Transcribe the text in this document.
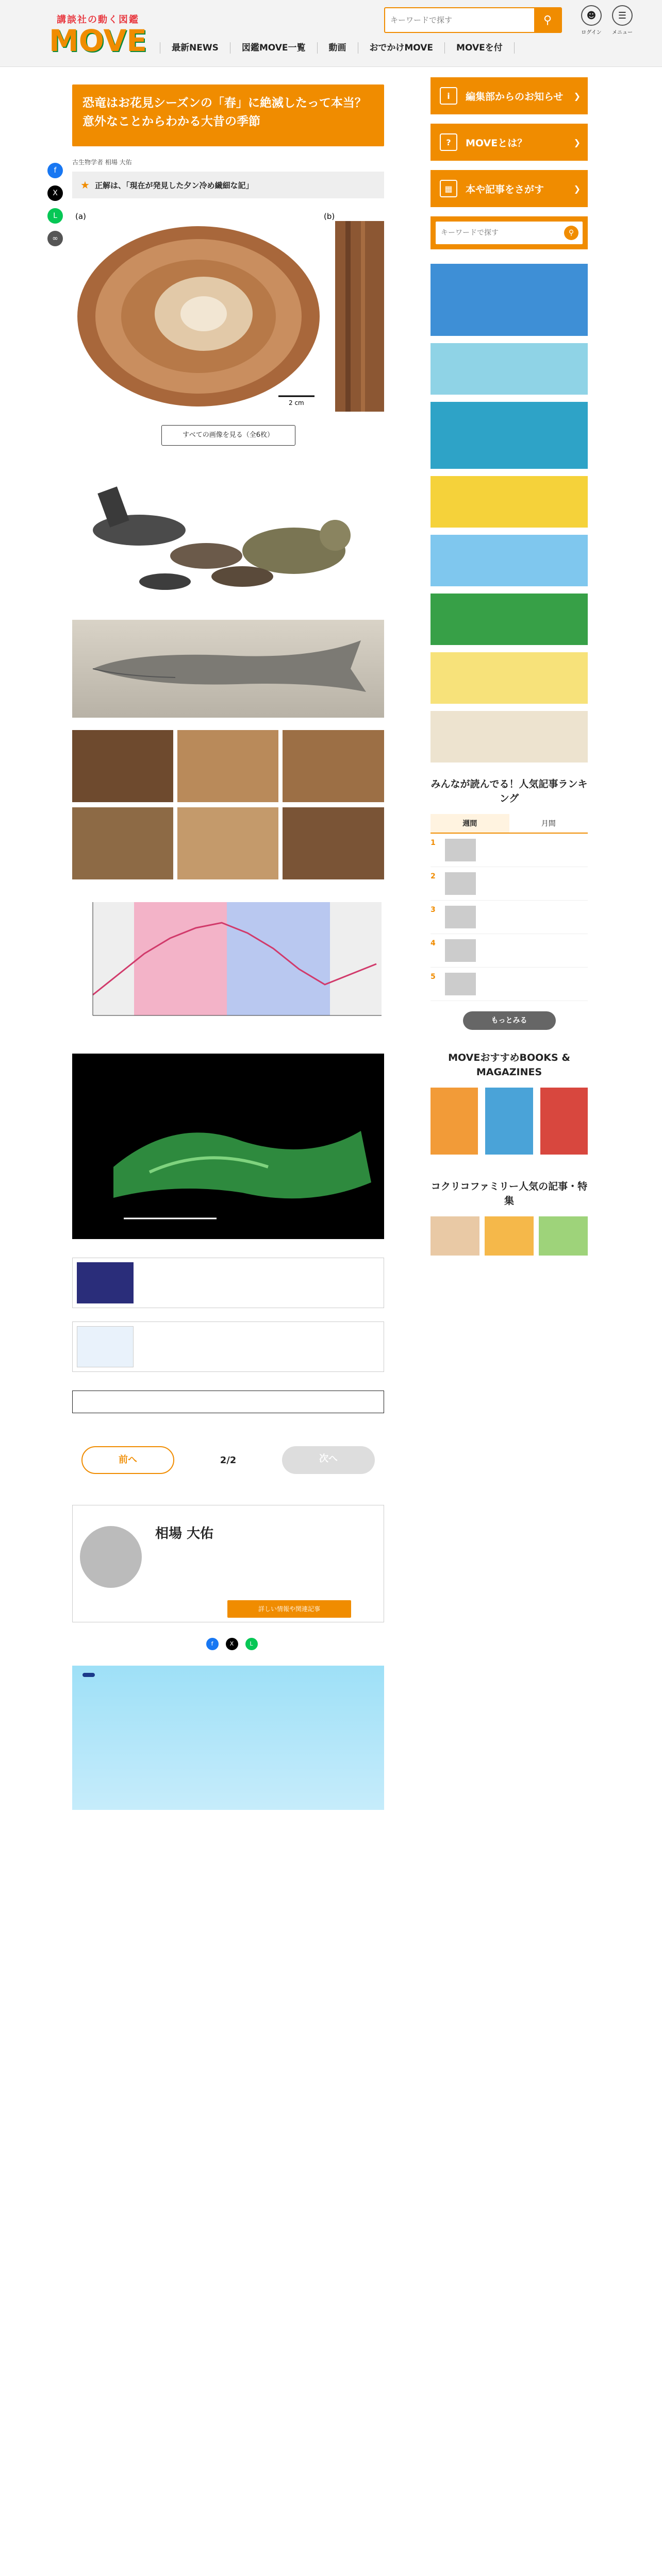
講談社の動く図鑑
MOVE	最新NEWS	図鑑MOVE一覧	動画	おでかけMOVE	MOVEを付
キーワードで探す
⚲	☻
ログイン
☰
メニュー
f
X
L
∞
恐竜はお花見シーズンの「春」に絶滅したって本当？　意外なことからわかる大昔の季節

古生物学者 相場 大佑
★ 正解は、「現在が発見した夕ン冷め繊細な記」

(a)	(b)
2 cm
すべての画像を見る（全6枚）

前へ	2/2	次へ
相場 大佑
詳しい情報や関連記事
f	X	L
i	編集部からのお知らせ ❯
?	MOVEとは？	❯
▦	本や記事をさがす	❯
キーワードで探す
⚲
みんなが読んでる！人気記事ランキング
週間	月間
1
2
3
4
5
もっとみる
MOVEおすすめBOOKS & MAGAZINES
コクリコファミリー人気の記事・特集
